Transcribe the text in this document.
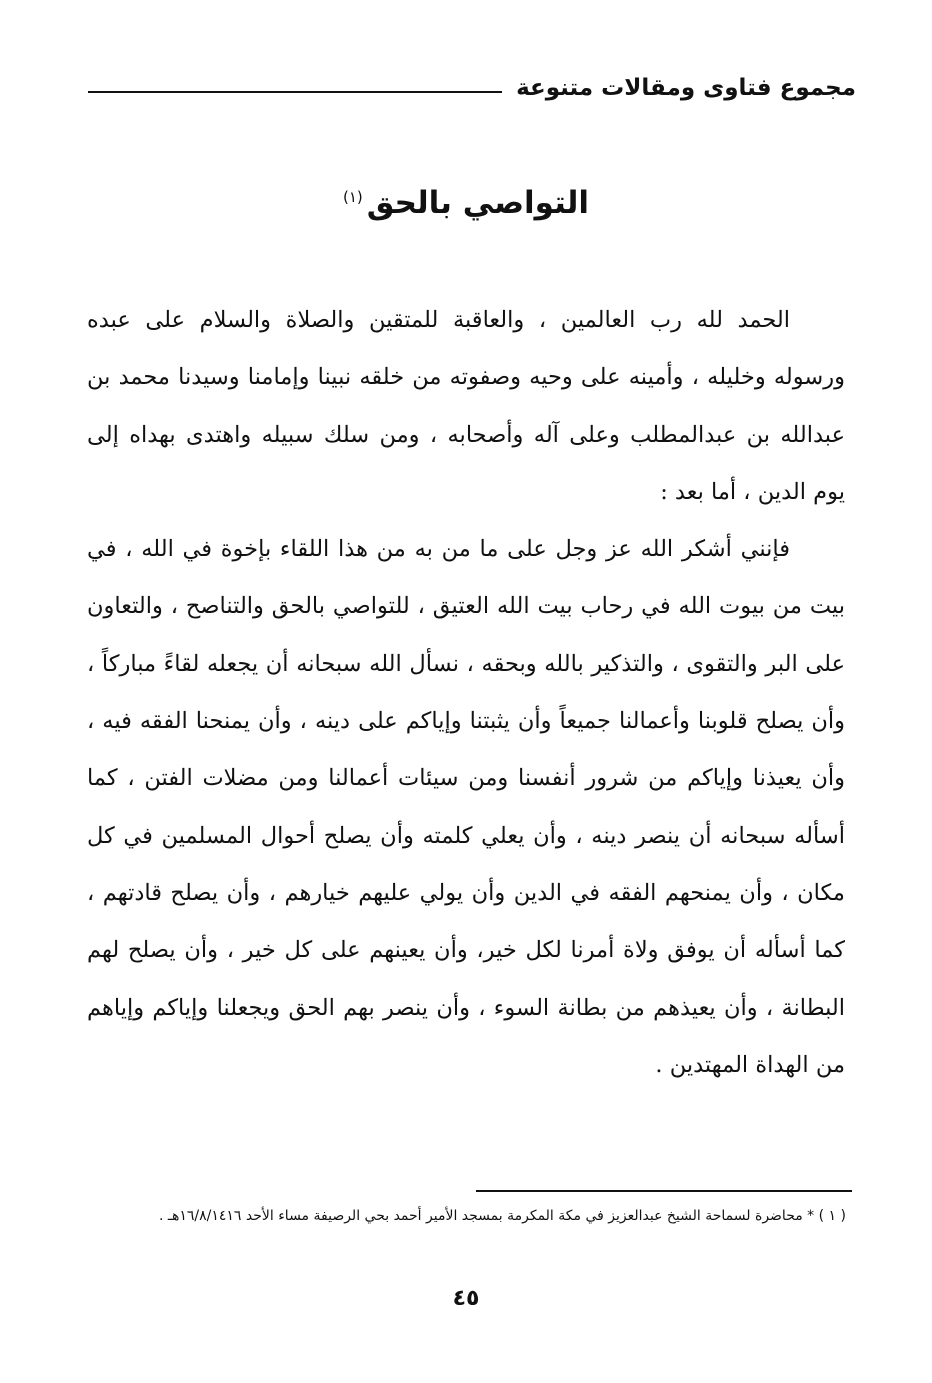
مجموع فتاوى ومقالات متنوعة
التواصي بالحق$^{(١)}$

الحمد لله رب العالمين ، والعاقبة للمتقين والصلاة والسلام على عبده ورسوله وخليله ، وأمينه على وحيه وصفوته من خلقه نبينا وإمامنا وسيدنا محمد بن عبدالله بن عبدالمطلب وعلى آله وأصحابه ، ومن سلك سبيله واهتدى بهداه إلى يوم الدين ، أما بعد :

فإنني أشكر الله عز وجل على ما من به من هذا اللقاء بإخوة في الله ، في بيت من بيوت الله في رحاب بيت الله العتيق ، للتواصي بالحق والتناصح ، والتعاون على البر والتقوى ، والتذكير بالله وبحقه ، نسأل الله سبحانه أن يجعله لقاءً مباركاً ، وأن يصلح قلوبنا وأعمالنا جميعاً وأن يثبتنا وإياكم على دينه ، وأن يمنحنا الفقه فيه ، وأن يعيذنا وإياكم من شرور أنفسنا ومن سيئات أعمالنا ومن مضلات الفتن ، كما أسأله سبحانه أن ينصر دينه ، وأن يعلي كلمته وأن يصلح أحوال المسلمين في كل مكان ، وأن يمنحهم الفقه في الدين وأن يولي عليهم خيارهم ، وأن يصلح قادتهم ، كما أسأله أن يوفق ولاة أمرنا لكل خير، وأن يعينهم على كل خير ، وأن يصلح لهم البطانة ، وأن يعيذهم من بطانة السوء ، وأن ينصر بهم الحق ويجعلنا وإياكم وإياهم من الهداة المهتدين .

( ١ ) * محاضرة لسماحة الشيخ عبدالعزيز في مكة المكرمة بمسجد الأمير أحمد بحي الرصيفة مساء الأحد ١٦/٨/١٤١٦هـ .
٤٥
